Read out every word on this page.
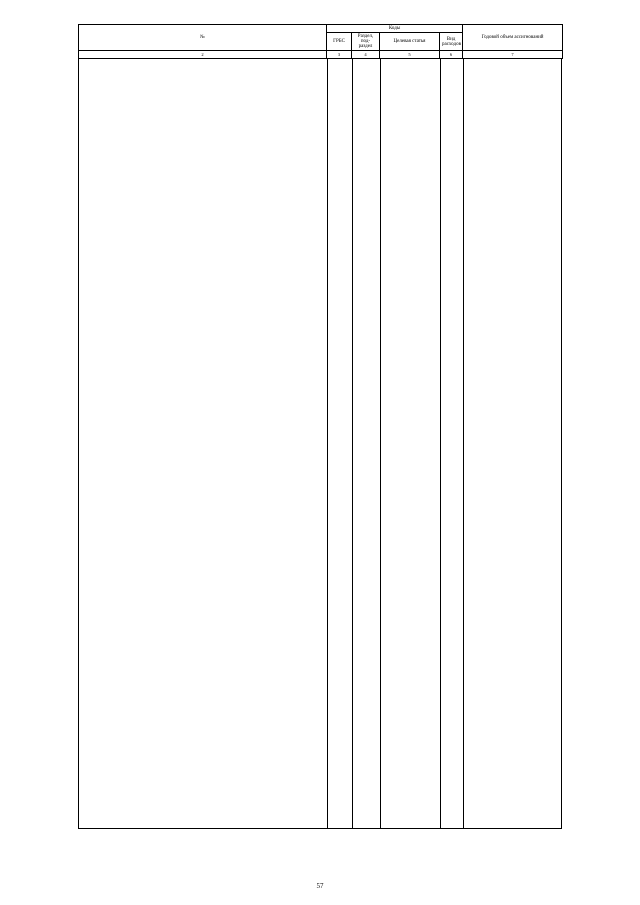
№	Коды				Годовой объем ассигнований
	ГРБС	Раздел, под-раздел	Целевая статья	Вид расходов	
2	3	4	5	6	7
57
